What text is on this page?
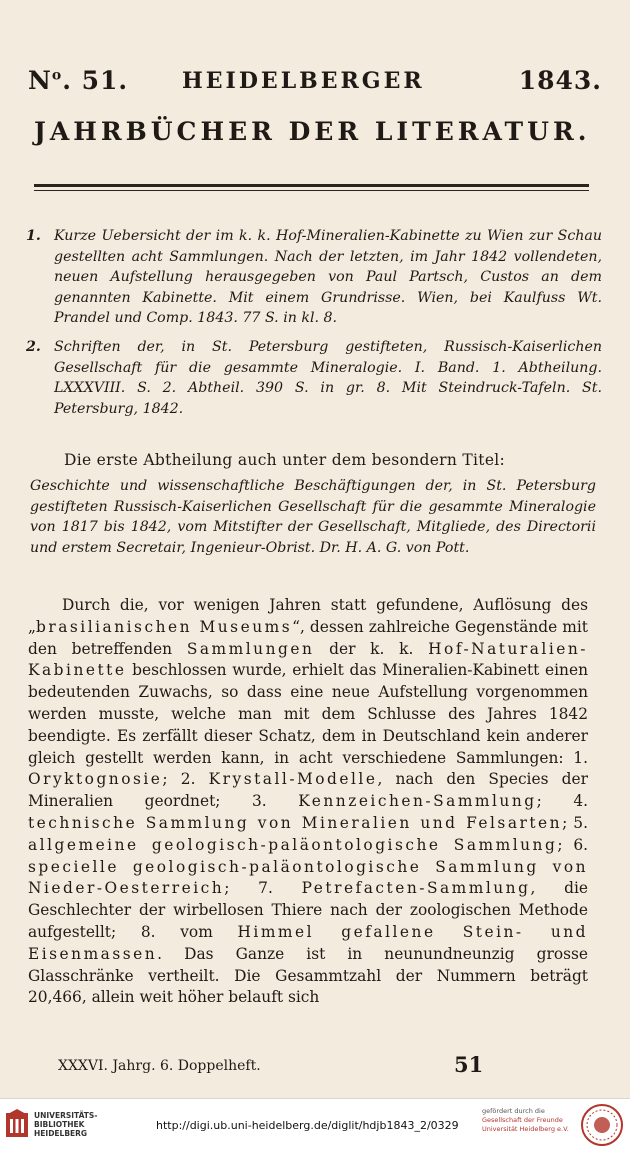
$N^o$. 51. HEIDELBERGER	1843.
JAHRBÜCHER DER LITERATUR.
1. Kurze Uebersicht der im k. k. Hof-Mineralien-Kabinette zu Wien zur Schau gestellten acht Sammlungen. Nach der letzten, im Jahr 1842 vollendeten, neuen Aufstellung herausgegeben von Paul Partsch, Custos an dem genannten Kabinette. Mit einem Grundrisse. Wien, bei Kaulfuss Wt. Prandel und Comp. 1843. 77 S. in kl. 8.
2. Schriften der, in St. Petersburg gestifteten, Russisch-Kaiserlichen Gesellschaft für die gesammte Mineralogie. I. Band. 1. Abtheilung. LXXXVIII. S. 2. Abtheil. 390 S. in gr. 8. Mit Steindruck-Tafeln. St. Petersburg, 1842.
Die erste Abtheilung auch unter dem besondern Titel:
Geschichte und wissenschaftliche Beschäftigungen der, in St. Petersburg gestifteten Russisch-Kaiserlichen Gesellschaft für die gesammte Mineralogie von 1817 bis 1842, vom Mitstifter der Gesellschaft, Mitgliede, des Directorii und erstem Secretair, Ingenieur-Obrist. Dr. H. A. G. von Pott.
Durch die, vor wenigen Jahren statt gefundene, Auflösung des „brasilianischen Museums“, dessen zahlreiche Gegenstände mit den betreffenden Sammlungen der k. k. Hof-Naturalien-Kabinette beschlossen wurde, erhielt das Mineralien-Kabinett einen bedeutenden Zuwachs, so dass eine neue Aufstellung vorgenommen werden musste, welche man mit dem Schlusse des Jahres 1842 beendigte. Es zerfällt dieser Schatz, dem in Deutschland kein anderer gleich gestellt werden kann, in acht verschiedene Sammlungen: 1. Oryktognosie; 2. Krystall-Modelle, nach den Species der Mineralien geordnet; 3. Kennzeichen-Sammlung; 4. technische Sammlung von Mineralien und Felsarten; 5. allgemeine geologisch-paläontologische Sammlung; 6. specielle geologisch-paläontologische Sammlung von Nieder-Oesterreich; 7. Petrefacten-Sammlung, die Geschlechter der wirbellosen Thiere nach der zoologischen Methode aufgestellt; 8. vom Himmel gefallene Stein- und Eisenmassen. Das Ganze ist in neunundneunzig grosse Glasschränke vertheilt. Die Gesammtzahl der Nummern beträgt 20,466, allein weit höher belauft sich
XXXVI. Jahrg. 6. Doppelheft.	51
UNIVERSITÄTS-
BIBLIOTHEK
HEIDELBERG
http://digi.ub.uni-heidelberg.de/diglit/hdjb1843_2/0329
gefördert durch die
Gesellschaft der Freunde
Universität Heidelberg e.V.
